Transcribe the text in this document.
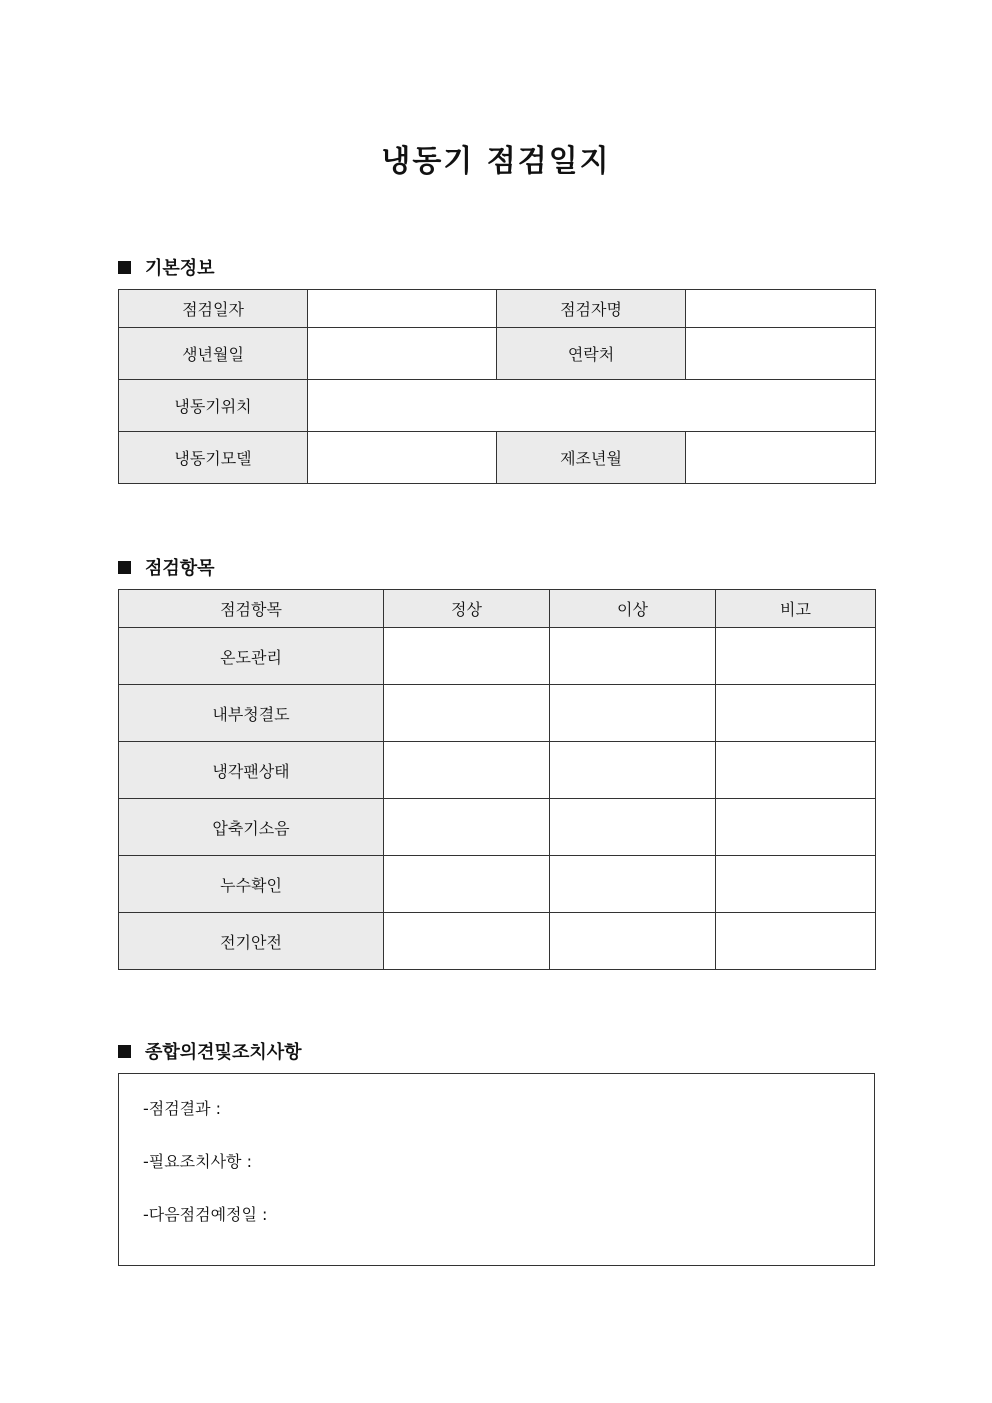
냉동기 점검일지
기본정보
점검일자		점검자명	
생년월일		연락처	
냉동기위치			
냉동기모델		제조년월	
점검항목
점검항목	정상	이상	비고
온도관리			
내부청결도			
냉각팬상태			
압축기소음			
누수확인			
전기안전			
종합의견및조치사항
-점검결과 :
-필요조치사항 :
-다음점검예정일 :
